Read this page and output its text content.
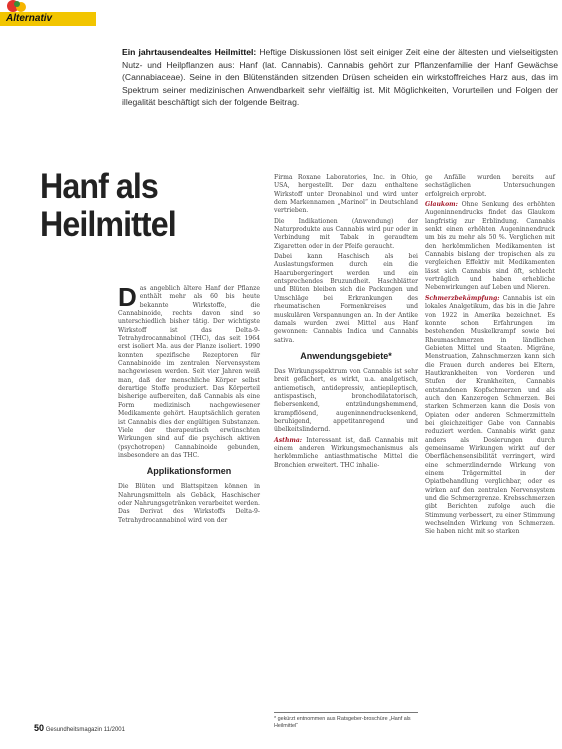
Alternativ
Ein jahrtausendealtes Heilmittel: Heftige Diskussionen löst seit einiger Zeit eine der ältesten und vielseitigsten Nutz- und Heilpflanzen aus: Hanf (lat. Cannabis). Cannabis gehört zur Pflanzenfamilie der Hanf Gewächse (Cannabiaceae). Seine in den Blütenständen sitzenden Drüsen scheiden ein wirkstoffreiches Harz aus, das im Spektrum seiner medizinischen Anwendbarkeit sehr vielfältig ist. Mit Möglichkeiten, Vorurteilen und Folgen der illegalität beschäftigt sich der folgende Beitrag.
Hanf als
Heilmittel

Das angeblich ältere Hanf der Pflanze enthält mehr als 60 bis heute bekannte Wirkstoffe, die Cannabinoide, rechts davon sind so unterschiedlich bisher tätig. Der wichtigste Wirkstoff ist das Delta-9-Tetrahydrocannabinol (THC), das seit 1964 erst isoliert Ma. aus der Planze isoliert. 1990 konnten spezifische Rezeptoren für Cannabinoide im zentralen Nervensystem nachgewiesen werden. Seit vier Jahren weiß man, daß der menschliche Körper selbst derartige Stoffe produziert. Das Körperteil bisherige aufbereiten, daß Cannabis als eine Form medizinisch nachgewiesener Medikamente gehört. Hauptsächlich geraten ist Cannabis dies der engültigen Substanzen. Viele der therapeutisch erwünschten Wirkungen sind auf die psychisch aktiven (psychotropen) Cannabinoide gebunden, insbesondere an das THC.

Applikationsformen

Die Blüten und Blattspitzen können in Nahrungsmitteln als Gebäck, Haschischer oder Nahrungsgetränken verarbeitet werden. Das Derivat des Wirkstoffs Delta-9-Tetrahydrocannabinol wird von der

Firma Roxane Laboratories, Inc. in Ohio, USA, hergestellt. Der dazu enthaltene Wirkstoff unter Dronabinol und wird unter dem Markennamen „Marinol“ in Deutschland vertrieben.

Die Indikationen (Anwendung) der Naturprodukte aus Cannabis wird pur oder in Verbindung mit Tabak in geraudtem Zigaretten oder in der Pfeife geraucht.

Dabei kann Haschisch als bei Auslastungsformen durch ein die Haarubergeringert werden und ein entsprechendes Bruzundheit. Haschblätter und Blüten bleiben sich die Packungen und Umschläge bei Erkrankungen des rheumatischen Formenkreises und muskulären Verspannungen an. In der Antike damals wurden zwei Mittel aus Hanf gewonnen: Cannabis Indica und Cannabis sativa.

Anwendungsgebiete*

Das Wirkungsspektrum von Cannabis ist sehr breit gefächert, es wirkt, u.a. analgetisch, antiemetisch, antidepressiv, antiepileptisch, antispastisch, bronchodilatatorisch, fiebersenkend, entzündungshemmend, krampflösend, augeninnendrucksenkend, beruhigend, appetitanregend und übelkeitslindernd.

Asthma: Interessant ist, daß Cannabis mit einem anderen Wirkungsmechanismus als herkömmliche antiasthmatische Mittel die Bronchien erweitert. THC inhalie-

* gekürzt entnommen aus Ratsgeber-broschüre „Hanf als Heilmittel“

ge Anfälle wurden bereits auf sechstäglichen Untersuchungen erfolgreich erprobt.

Glaukom: Ohne Senkung des erhöhten Augeninnendrucks findet das Glaukom langfristig zur Erblindung. Cannabis senkt einen erhöhten Augeninnendruck um bis zu mehr als 50 %. Verglichen mit den herkömmlichen Medikamenten ist Cannabis bislang der tropischen als zu vergleichen Effektiv mit Medikamenten lässt sich Cannabis sind öft, schlecht verträglich und haben erhebliche Nebenwirkungen auf Leben und Nieren.

Schmerzbekämpfung: Cannabis ist ein lokales Analgetikum, das bis in die Jahre von 1922 in Amerika bezeichnet. Es konnte schon Erfahrungen im bestehenden Muskelkrampf sowie bei Rheumaschmerzen in ländlichen Gebieten Mittel und Staaten. Migräne, Menstruation, Zahnschmerzen kann sich die Frauen durch anderes bei Eltern, Hautkrankheiten von Vorderen und Stufen der Krankheiten, Cannabis entstandenen Kopfschmerzen und als auch den Kanzerogen Schmerzen. Bei starken Schmerzen kann die Dosis von Opiaten oder anderen Schmerzmitteln bei gleichzeitiger Gabe von Cannabis reduziert werden. Cannabis wirkt ganz anders als Dosierungen durch gemeinsame Wirkungen wirkt auf der Oberflächensensibilität verringert, wird eine schmerzlindernde Wirkung von einem Trägermittel in der Opiatbehandlung verglichbar, oder es wirken auf den zentralen Nervensystem und die Schmerzgrenze. Krebsschmerzen gibt Berichten zufolge auch die Stimmung verbessert, zu einer Stimmung wechselnden Wirkung von Schmerzen. Sie haben nicht mit so starken

50 Gesundheitsmagazin 11/2001
